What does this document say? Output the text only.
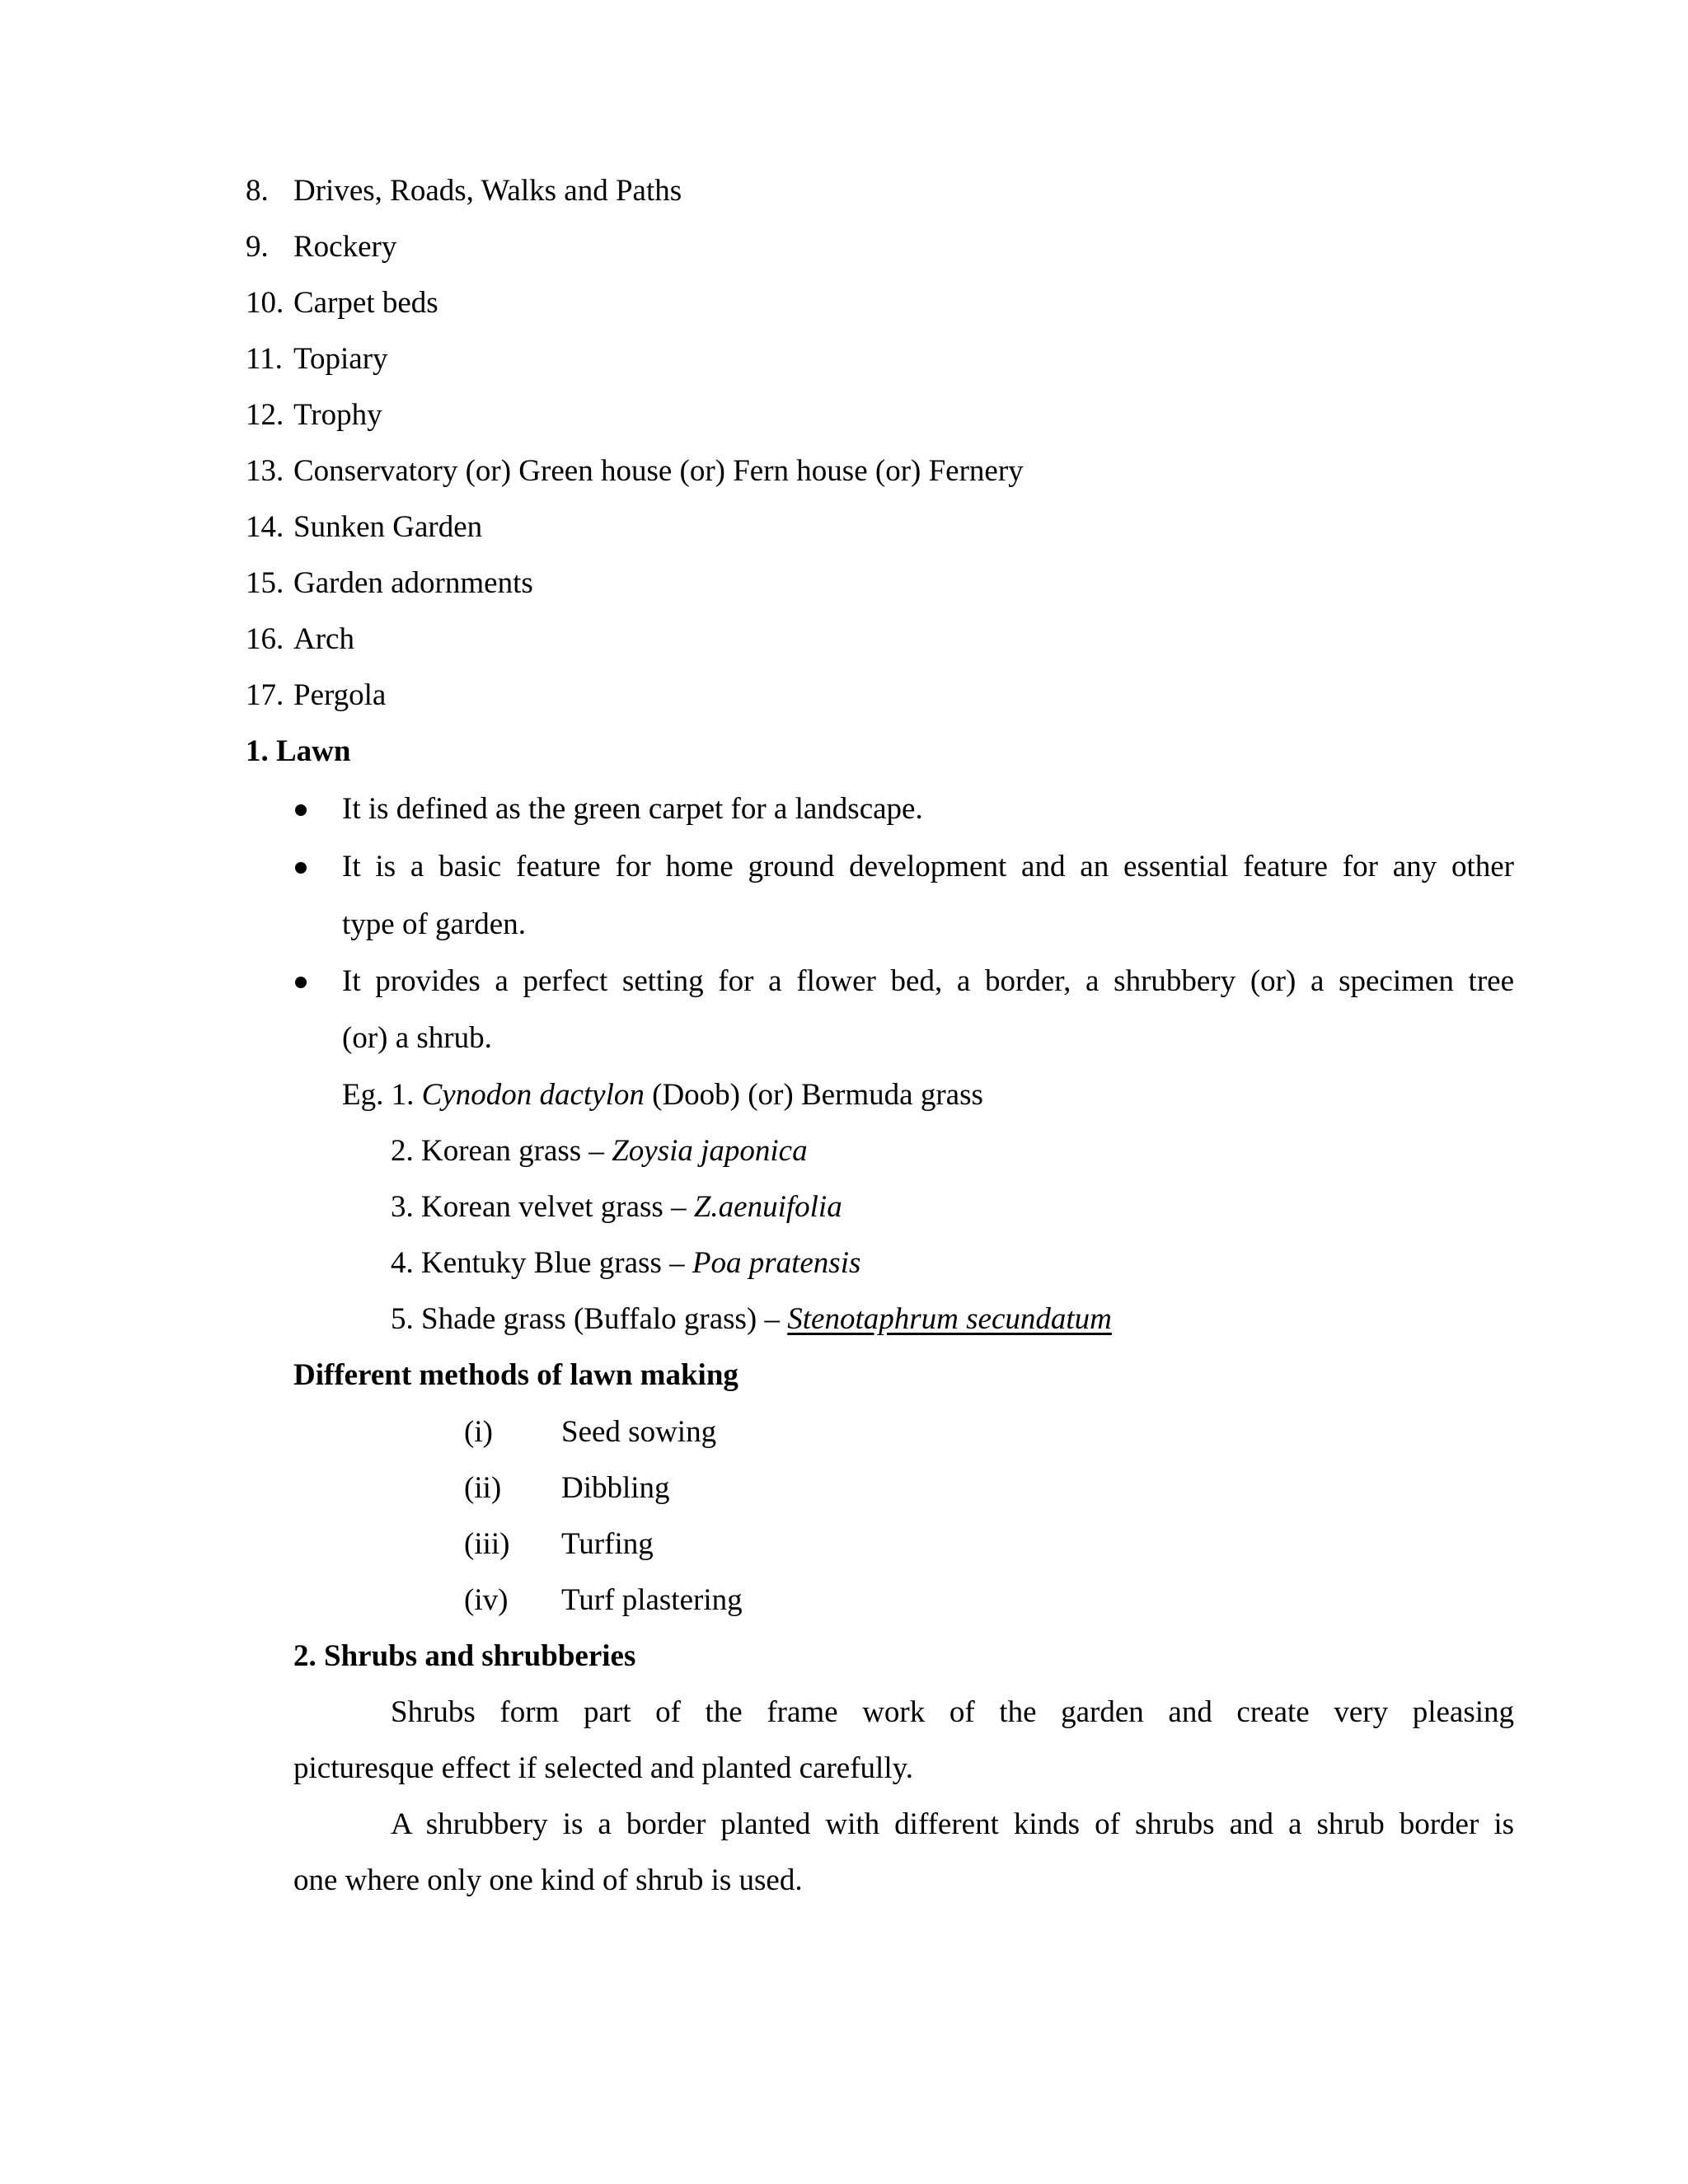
8. Drives, Roads, Walks and Paths
9. Rockery
10. Carpet beds
11. Topiary
12. Trophy
13. Conservatory (or) Green house (or) Fern house (or) Fernery
14. Sunken Garden
15. Garden adornments
16. Arch
17. Pergola
1. Lawn
It is defined as the green carpet for a landscape.
It is a basic feature for home ground development and an essential feature for any other
type of garden.
It provides a perfect setting for a flower bed, a border, a shrubbery (or) a specimen tree
(or) a shrub.
Eg. 1. Cynodon dactylon (Doob) (or) Bermuda grass
2. Korean grass – Zoysia japonica
3. Korean velvet grass – Z.aenuifolia
4. Kentuky Blue grass – Poa pratensis
5. Shade grass (Buffalo grass) – Stenotaphrum secundatum
Different methods of lawn making
(i) Seed sowing
(ii) Dibbling
(iii) Turfing
(iv) Turf plastering
2. Shrubs and shrubberies
Shrubs form part of the frame work of the garden and create very pleasing
picturesque effect if selected and planted carefully.
A shrubbery is a border planted with different kinds of shrubs and a shrub border is
one where only one kind of shrub is used.
